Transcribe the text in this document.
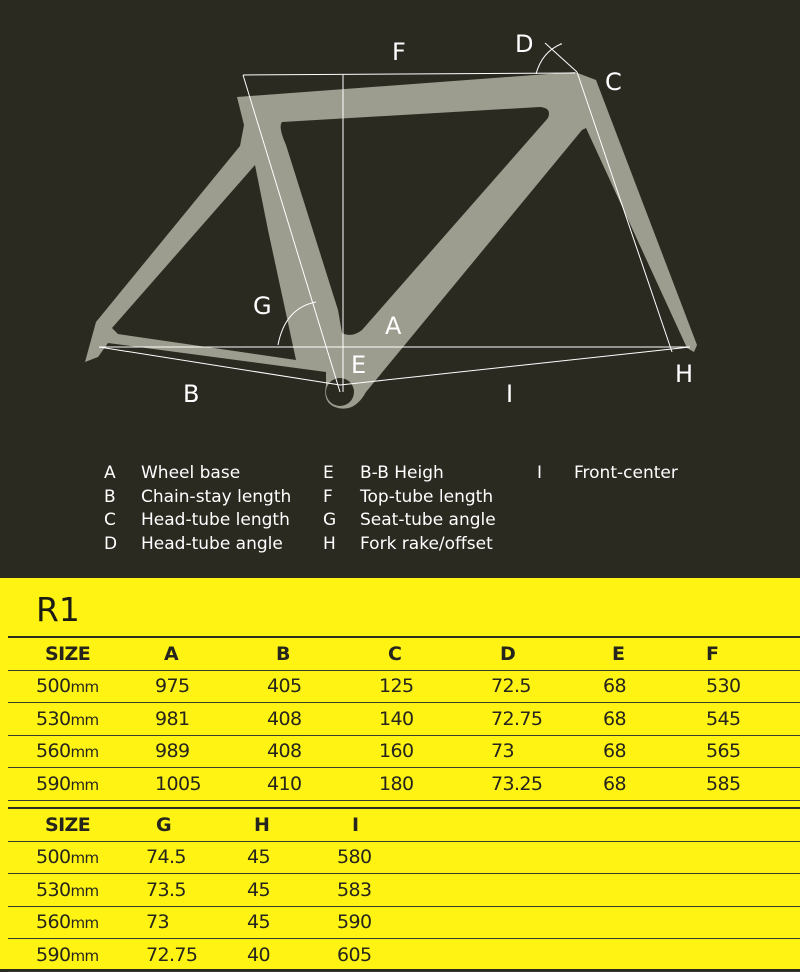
F	D
C
G
A
E
B	I
H
A	Wheel base
B	Chain-stay length
C	Head-tube length
D	Head-tube angle
E	B-B Heigh
F	Top-tube length
G	Seat-tube angle
H	Fork rake/offset
I	Front-center
R1
SIZE	A	B	C	D	E	F
500mm	975	405	125	72.5	68	530
530mm	981	408	140	72.75	68	545
560mm	989	408	160	73	68	565
590mm	1005	410	180	73.25	68	585
SIZE	G	H	I
500mm	74.5	45	580
530mm	73.5	45	583
560mm	73	45	590
590mm	72.75	40	605
